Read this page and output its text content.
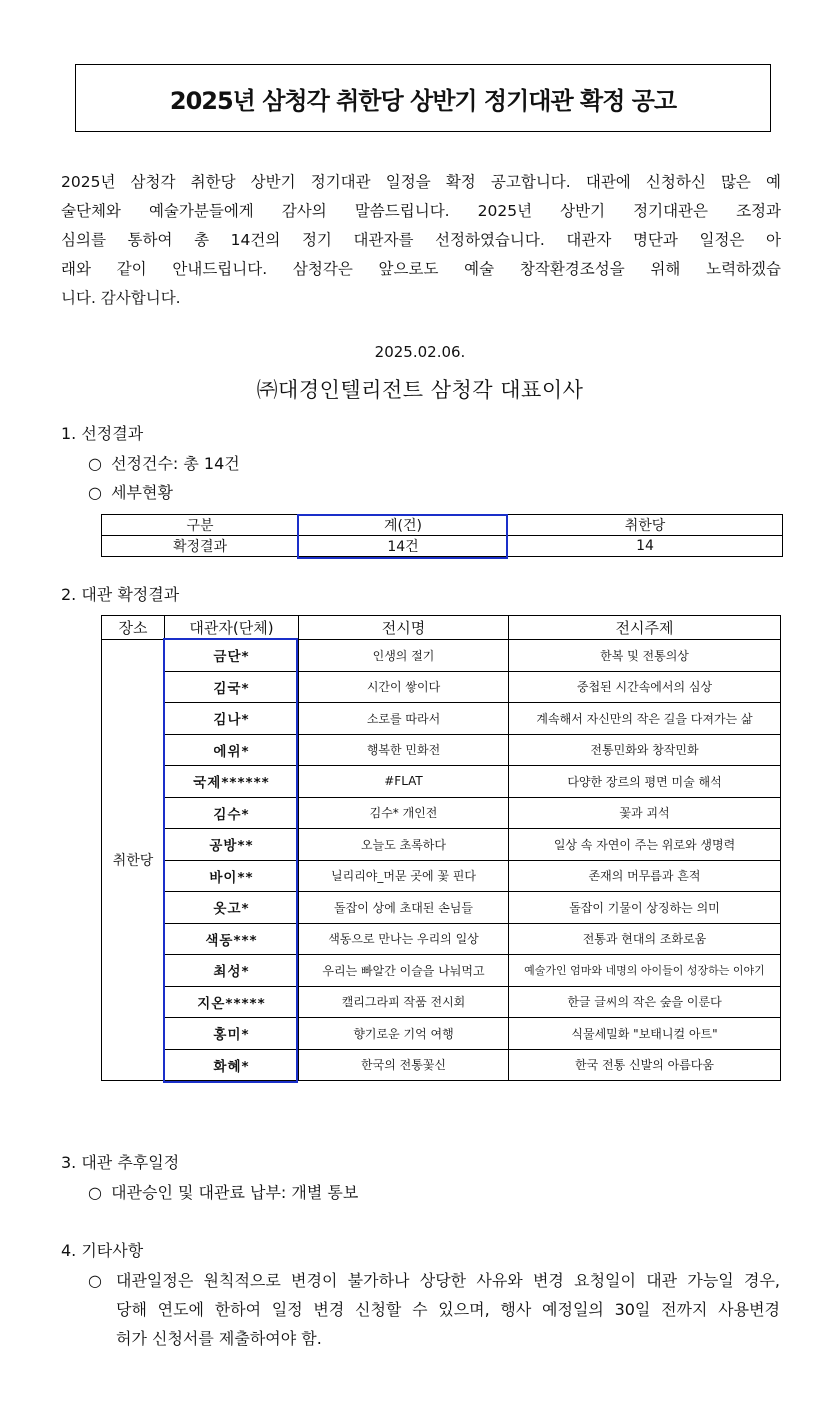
2025년 삼청각 취한당 상반기 정기대관 확정 공고
2025년 삼청각 취한당 상반기 정기대관 일정을 확정 공고합니다. 대관에 신청하신 많은 예
술단체와 예술가분들에게 감사의 말씀드립니다. 2025년 상반기 정기대관은 조정과
심의를 통하여 총 14건의 정기 대관자를 선정하였습니다. 대관자 명단과 일정은 아
래와 같이 안내드립니다. 삼청각은 앞으로도 예술 창작환경조성을 위해 노력하겠습
니다. 감사합니다.
2025.02.06.
㈜대경인텔리전트 삼청각 대표이사
1. 선정결과
○ 선정건수: 총 14건
○ 세부현황
구분	계(건)	취한당
확정결과	14건	14
2. 대관 확정결과
장소	대관자(단체)	전시명	전시주제
취한당	금단*	인생의 절기	한복 및 전통의상
	김국*	시간이 쌓이다	중첩된 시간속에서의 심상
	김나*	소로를 따라서	계속해서 자신만의 작은 길을 다져가는 삶
	에위*	행복한 민화전	전통민화와 창작민화
	국제******	#FLAT	다양한 장르의 평면 미술 해석
	김수*	김수* 개인전	꽃과 괴석
	공방**	오늘도 초록하다	일상 속 자연이 주는 위로와 생명력
	바이**	닐리리야_머문 곳에 꽃 핀다	존재의 머무름과 흔적
	옷고*	돌잡이 상에 초대된 손님들	돌잡이 기물이 상징하는 의미
	색동***	색동으로 만나는 우리의 일상	전통과 현대의 조화로움
	최성*	우리는 빠알간 이슬을 나눠먹고	예술가인 엄마와 네명의 아이들이 성장하는 이야기
	지온*****	캘리그라피 작품 전시회	한글 글씨의 작은 숲을 이룬다
	홍미*	향기로운 기억 여행	식물세밀화 "보태니컬 아트"
	화혜*	한국의 전통꽃신	한국 전통 신발의 아름다움
3. 대관 추후일정
○ 대관승인 및 대관료 납부: 개별 통보
4. 기타사항
○ 대관일정은 원칙적으로 변경이 불가하나 상당한 사유와 변경 요청일이 대관 가능일 경우,
당해 연도에 한하여 일정 변경 신청할 수 있으며, 행사 예정일의 30일 전까지 사용변경
허가 신청서를 제출하여야 함.
